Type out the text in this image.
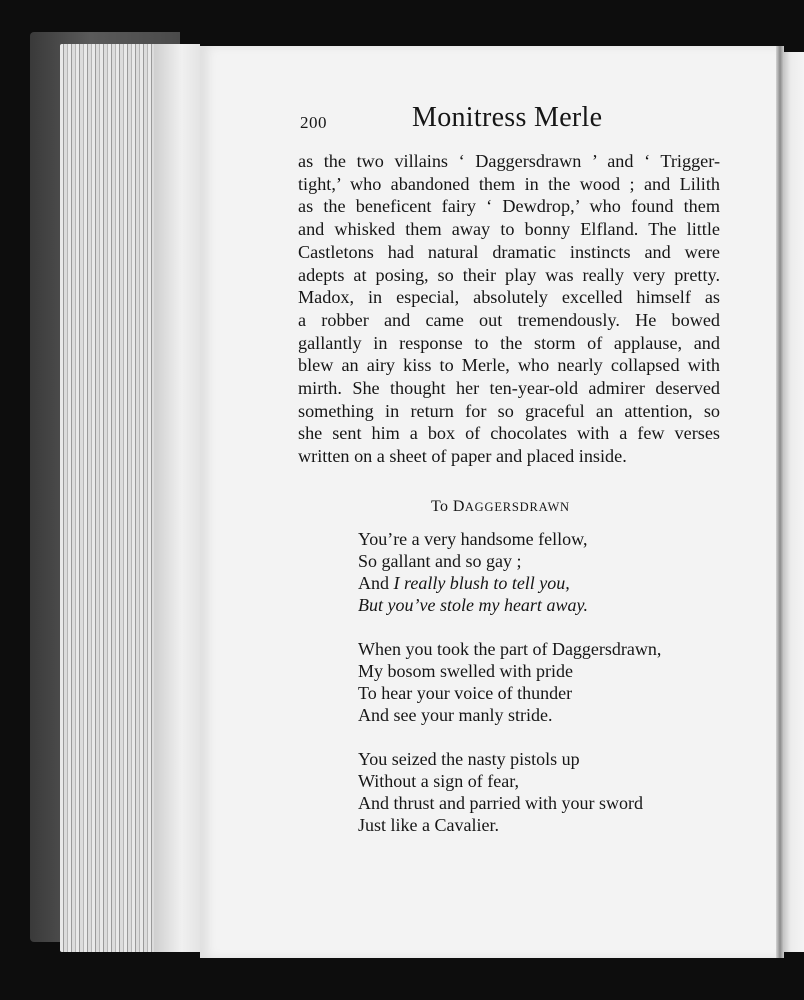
200	Monitress Merle
as the two villains ‘ Daggersdrawn ’ and ‘ Trigger-
tight,’ who abandoned them in the wood ; and Lilith
as the beneficent fairy ‘ Dewdrop,’ who found them
and whisked them away to bonny Elfland. The little
Castletons had natural dramatic instincts and were
adepts at posing, so their play was really very pretty.
Madox, in especial, absolutely excelled himself as
a robber and came out tremendously. He bowed
gallantly in response to the storm of applause, and
blew an airy kiss to Merle, who nearly collapsed with
mirth. She thought her ten-year-old admirer deserved
something in return for so graceful an attention, so
she sent him a box of chocolates with a few verses
written on a sheet of paper and placed inside.
To DAGGERSDRAWN
You’re a very handsome fellow,
So gallant and so gay ;
And I really blush to tell you,
But you’ve stole my heart away.
When you took the part of Daggersdrawn,
My bosom swelled with pride
To hear your voice of thunder
And see your manly stride.
You seized the nasty pistols up
Without a sign of fear,
And thrust and parried with your sword
Just like a Cavalier.
